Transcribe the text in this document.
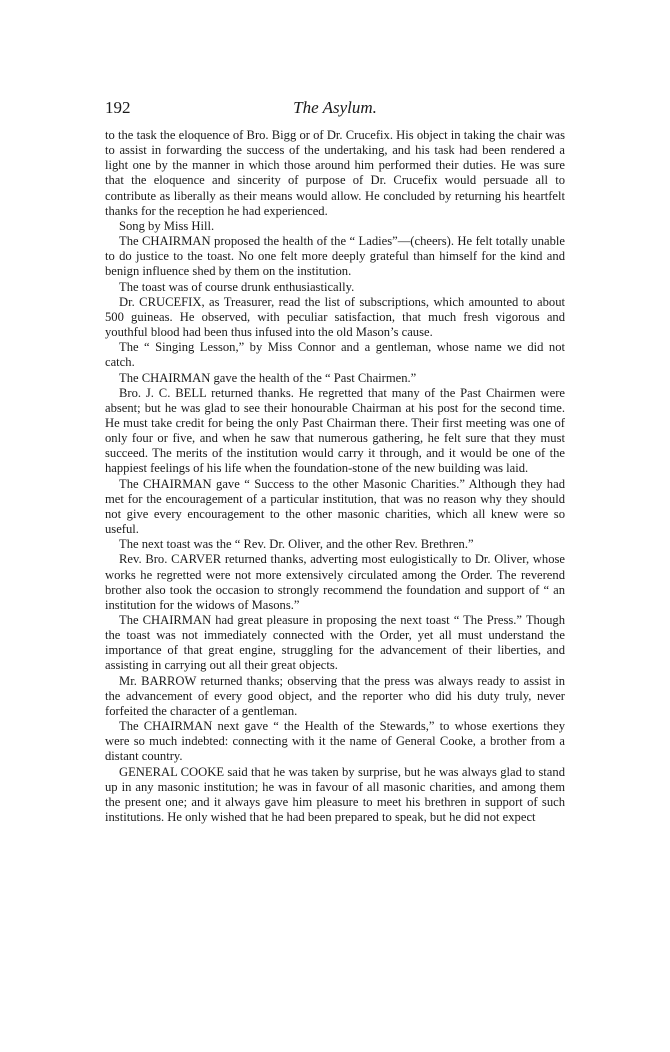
192	The Asylum.

to the task the eloquence of Bro. Bigg or of Dr. Crucefix. His object in taking the chair was to assist in forwarding the success of the undertaking, and his task had been rendered a light one by the manner in which those around him performed their duties. He was sure that the eloquence and sincerity of purpose of Dr. Crucefix would persuade all to contribute as liberally as their means would allow. He concluded by returning his heartfelt thanks for the reception he had experienced.

Song by Miss Hill.

The CHAIRMAN proposed the health of the “ Ladies”—(cheers). He felt totally unable to do justice to the toast. No one felt more deeply grateful than himself for the kind and benign influence shed by them on the institution.

The toast was of course drunk enthusiastically.

Dr. CRUCEFIX, as Treasurer, read the list of subscriptions, which amounted to about 500 guineas. He observed, with peculiar satisfaction, that much fresh vigorous and youthful blood had been thus infused into the old Mason’s cause.

The “ Singing Lesson,” by Miss Connor and a gentleman, whose name we did not catch.

The CHAIRMAN gave the health of the “ Past Chairmen.”

Bro. J. C. BELL returned thanks. He regretted that many of the Past Chairmen were absent; but he was glad to see their honourable Chairman at his post for the second time. He must take credit for being the only Past Chairman there. Their first meeting was one of only four or five, and when he saw that numerous gathering, he felt sure that they must succeed. The merits of the institution would carry it through, and it would be one of the happiest feelings of his life when the foundation-stone of the new building was laid.

The CHAIRMAN gave “ Success to the other Masonic Charities.” Although they had met for the encouragement of a particular institution, that was no reason why they should not give every encouragement to the other masonic charities, which all knew were so useful.

The next toast was the “ Rev. Dr. Oliver, and the other Rev. Brethren.”

Rev. Bro. CARVER returned thanks, adverting most eulogistically to Dr. Oliver, whose works he regretted were not more extensively circulated among the Order. The reverend brother also took the occasion to strongly recommend the foundation and support of “ an institution for the widows of Masons.”

The CHAIRMAN had great pleasure in proposing the next toast “ The Press.” Though the toast was not immediately connected with the Order, yet all must understand the importance of that great engine, struggling for the advancement of their liberties, and assisting in carrying out all their great objects.

Mr. BARROW returned thanks; observing that the press was always ready to assist in the advancement of every good object, and the reporter who did his duty truly, never forfeited the character of a gentleman.

The CHAIRMAN next gave “ the Health of the Stewards,” to whose exertions they were so much indebted: connecting with it the name of General Cooke, a brother from a distant country.

GENERAL COOKE said that he was taken by surprise, but he was always glad to stand up in any masonic institution; he was in favour of all masonic charities, and among them the present one; and it always gave him pleasure to meet his brethren in support of such institutions. He only wished that he had been prepared to speak, but he did not expect
